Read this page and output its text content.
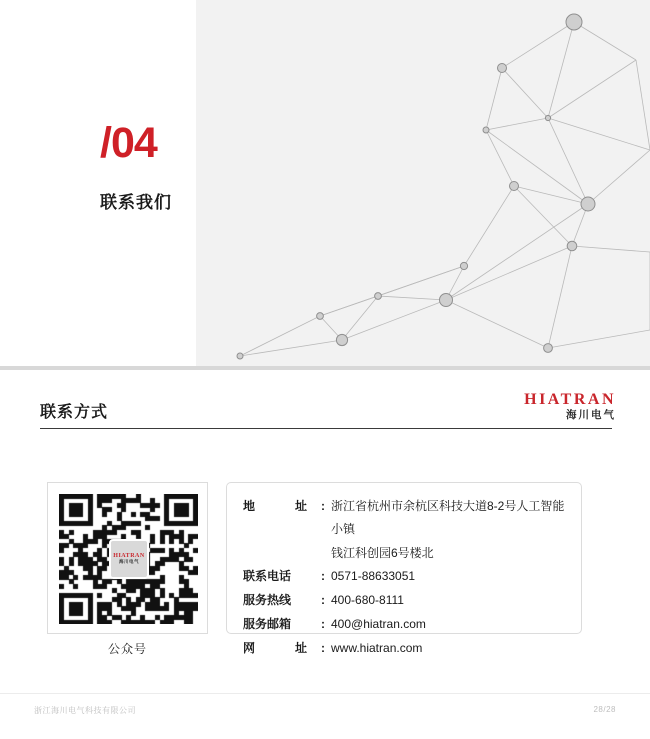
/04
联系我们
联系方式
HIATRAN
海川电气
HIATRAN
海川电气
公众号
地	址 : 浙江省杭州市余杭区科技大道8-2号人工智能小镇
钱江科创园6号楼北
联系电话	: 0571-88633051
服务热线	: 400-680-8111
服务邮箱	: 400@hiatran.com
网	址 : www.hiatran.com
浙江海川电气科技有限公司	28/28
